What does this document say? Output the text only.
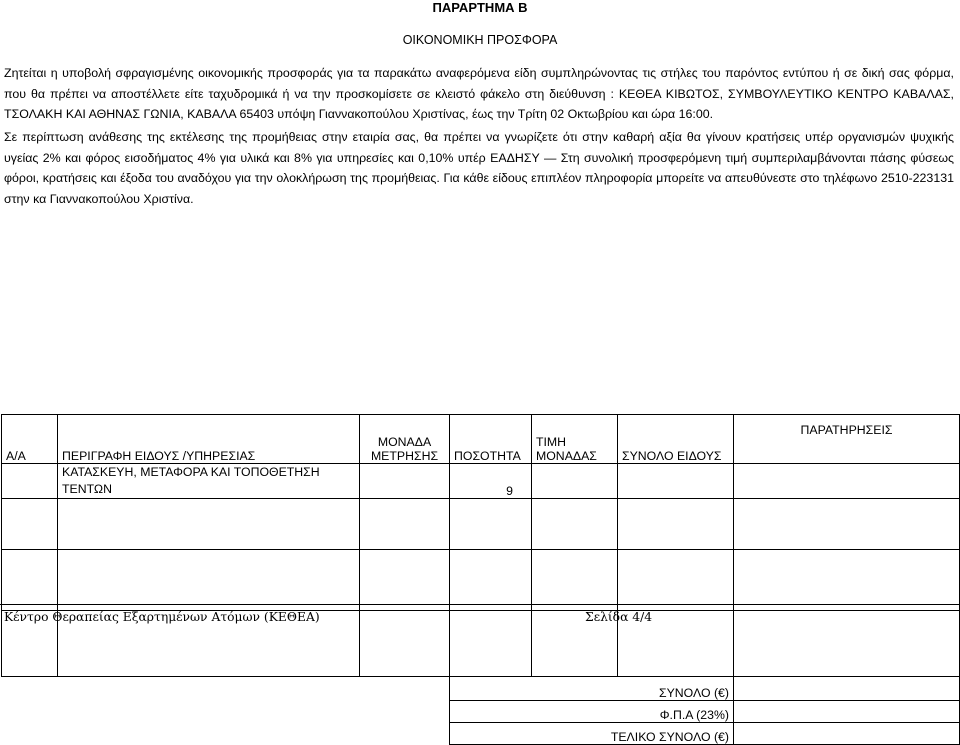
ΠΑΡΑΡΤΗΜΑ Β
ΟΙΚΟΝΟΜΙΚΗ ΠΡΟΣΦΟΡΑ
Ζητείται η υποβολή σφραγισμένης οικονομικής προσφοράς για τα παρακάτω αναφερόμενα είδη συμπληρώνοντας τις στήλες του παρόντος εντύπου ή σε δική σας φόρμα, που θα πρέπει να αποστέλλετε είτε ταχυδρομικά ή να την προσκομίσετε σε κλειστό φάκελο στη διεύθυνση : ΚΕΘΕΑ ΚΙΒΩΤΟΣ, ΣΥΜΒΟΥΛΕΥΤΙΚΟ ΚΕΝΤΡΟ ΚΑΒΑΛΑΣ, ΤΣΟΛΑΚΗ ΚΑΙ ΑΘΗΝΑΣ ΓΩΝΙΑ, ΚΑΒΑΛΑ 65403 υπόψη Γιαννακοπούλου Χριστίνας, έως την Τρίτη 02 Οκτωβρίου και ώρα 16:00.
Σε περίπτωση ανάθεσης της εκτέλεσης της προμήθειας στην εταιρία σας, θα πρέπει να γνωρίζετε ότι στην καθαρή αξία θα γίνουν κρατήσεις υπέρ οργανισμών ψυχικής υγείας 2% και φόρος εισοδήματος 4% για υλικά και 8% για υπηρεσίες και 0,10% υπέρ ΕΑΔΗΣΥ — Στη συνολική προσφερόμενη τιμή συμπεριλαμβάνονται πάσης φύσεως φόροι, κρατήσεις και έξοδα του αναδόχου για την ολοκλήρωση της προμήθειας. Για κάθε είδους επιπλέον πληροφορία μπορείτε να απευθύνεστε στο τηλέφωνο 2510-223131 στην κα Γιαννακοπούλου Χριστίνα.
Α/Α	ΠΕΡΙΓΡΑΦΗ ΕΙΔΟΥΣ /ΥΠΗΡΕΣΙΑΣ	ΜΟΝΑΔΑ ΜΕΤΡΗΣΗΣ	ΠΟΣΟΤΗΤΑ	ΤΙΜΗ ΜΟΝΑΔΑΣ	ΣΥΝΟΛΟ ΕΙΔΟΥΣ	ΠΑΡΑΤΗΡΗΣΕΙΣ
	ΚΑΤΑΣΚΕΥΗ, ΜΕΤΑΦΟΡΑ ΚΑΙ ΤΟΠΟΘΕΤΗΣΗ ΤΕΝΤΩΝ		9			

			ΣΥΝΟΛΟ (€)			
			Φ.Π.Α (23%)			
			ΤΕΛΙΚΟ ΣΥΝΟΛΟ (€)			
Κέντρο Θεραπείας Εξαρτημένων Ατόμων (ΚΕΘΕΑ)	Σελίδα 4/4
